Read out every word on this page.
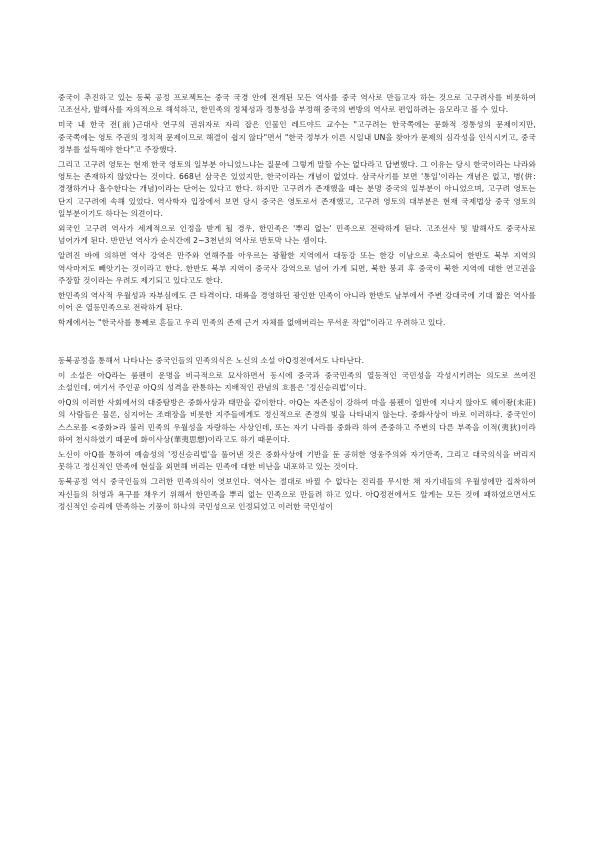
중국이 추진하고 있는 동북 공정 프로젝트는 중국 국경 안에 전개된 모든 역사를 중국 역사로 만들고자 하는 것으로 고구려사를 비롯하여 고조선사, 발해사를 자의적으로 해석하고, 한민족의 정체성과 정통성을 부정해 중국의 변방의 역사로 편입하려는 음모라고 볼 수 있다.

미국 내 한국 전(前)근대사 연구의 권위자로 자리 잡은 인물인 레드야드 교수는 "고구려는 한국쪽에는 문화적 정통성의 문제이지만, 중국쪽에는 영토 주권의 정치적 문제이므로 해결이 쉽지 않다"면서 "한국 정부가 이른 시일내 UN을 찾아가 문제의 심각성을 인식시키고, 중국 정부를 설득해야 한다"고 주장했다.

그리고 고구려 영토는 현재 한국 영토의 일부분 아니었느냐는 질문에 그렇게 말할 수는 없다라고 답변했다. 그 이유는 당시 한국이라는 나라와 영토는 존재하지 않았다는 것이다. 668년 삼국은 있었지만, 한국이라는 개념이 없었다. 삼국사기를 보면 '통일'이라는 개념은 없고, 병(倂: 경쟁하거나 흡수한다는 개념)이라는 단어는 있다고 한다. 하지만 고구려가 존재했을 때는 분명 중국의 일부분이 아니었으며, 고구려 영토는 단지 고구려에 속해 있었다. 역사학자 입장에서 보면 당시 중국은 영토로서 존재했고, 고구려 영토의 대부분은 현재 국제법상 중국 영토의 일부분이기도 하다는 의견이다.

외국인 고구려 역사가 세계적으로 인정을 받게 될 경우, 한민족은 '뿌리 없는' 민족으로 전락하게 된다. 고조선사 및 발해사도 중국사로 넘어가게 된다. 반만년 역사가 순식간에 2~3천년의 역사로 반토막 나는 셈이다.

알려진 바에 의하면 역사 강역은 만주와 연해주를 아우르는 광활한 지역에서 대동강 또는 한강 이남으로 축소되어 한반도 북부 지역의 역사마저도 빼앗기는 것이라고 한다. 한반도 북부 지역이 중국사 강역으로 넘어 가게 되면, 북한 붕괴 후 중국이 북한 지역에 대한 연고권을 주장할 것이라는 우려도 제기되고 있다고도 한다.

한민족의 역사적 우월성과 자부심에도 큰 타격이다. 대륙을 경영하던 광인한 민족이 아니라 한반도 남부에서 주변 강대국에 기대 짧은 역사를 이어 온 열등민족으로 전락하게 된다.

학계에서는 "한국사를 통째로 흔들고 우리 민족의 존재 근거 자체를 없애버리는 무서운 작업"이라고 우려하고 있다.

동북공정을 통해서 나타나는 중국인들의 민족의식은 노신의 소설 아Q정전에서도 나타난다.

이 소설은 아Q라는 룸펜이 운명을 비극적으로 묘사하면서 동시에 중국과 중국민족의 열등적인 국민성을 각성시키려는 의도로 쓰여진 소설인데, 여기서 주인공 아Q의 성격을 관통하는 지배적인 관념의 흐름은 '정신승리법'이다.

아Q의 이러한 사회에서의 대중탐방은 중화사상과 태만을 같이한다. 아Q는 자존심이 강하여 마을 룸펜이 일반에 지나지 않아도 웨이좡(未莊)의 사람들은 물론, 심지어는 조래장을 비롯한 지주들에게도 정신적으로 존경의 빛을 나타내지 않는다. 중화사상이 바로 이러하다. 중국인이 스스로를 <중화>라 불러 민족의 우월성을 자랑하는 사상인데, 또는 자기 나라를 중화라 하여 존중하고 주변의 다른 부족을 이적(夷狄)이라 하여 천시하였기 때문에 화이사상(華夷思想)이라고도 하기 때문이다.

노신이 아Q를 통하여 예술성의 '정신승리법'을 풀어낸 것은 중화사상에 기반을 둔 공허한 영웅주의와 자기만족, 그리고 대국의식을 버리지 못하고 정신적인 만족에 현실을 외면해 버리는 민족에 대한 비난을 내포하고 있는 것이다.

동북공정 역시 중국인들의 그러한 민족의식이 엿보인다. 역사는 절대로 바뀔 수 없다는 진리를 무시한 채 자기네들의 우월성에만 집착하여 자신들의 허영과 욕구를 채우기 위해서 한민족을 뿌리 없는 민족으로 만들려 하고 있다. 아Q정전에서도 알게는 모든 것에 패하였으면서도 정신적인 승리에 만족하는 기풍이 하나의 국민성으로 인정되었고 이러한 국민성이
